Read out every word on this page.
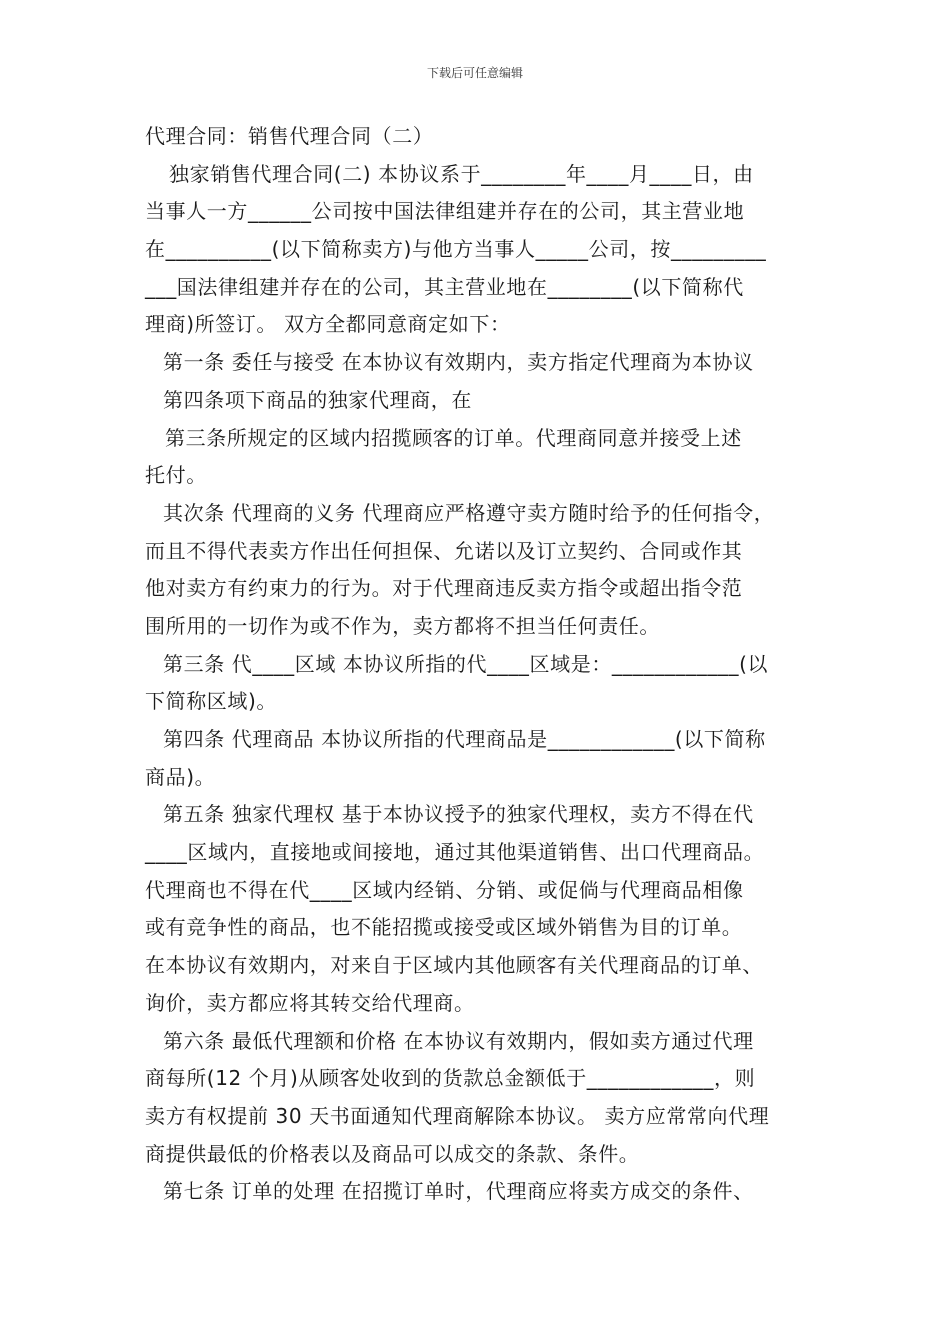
下载后可任意编辑
代理合同：销售代理合同（二）
独家销售代理合同(二) 本协议系于________年____月____日，由
当事人一方______公司按中国法律组建并存在的公司，其主营业地
在__________(以下简称卖方)与他方当事人_____公司，按_________
___国法律组建并存在的公司，其主营业地在________(以下简称代
理商)所签订。 双方全都同意商定如下：
第一条 委任与接受 在本协议有效期内，卖方指定代理商为本协议
第四条项下商品的独家代理商，在
第三条所规定的区域内招揽顾客的订单。代理商同意并接受上述
托付。
其次条 代理商的义务 代理商应严格遵守卖方随时给予的任何指令，
而且不得代表卖方作出任何担保、允诺以及订立契约、合同或作其
他对卖方有约束力的行为。对于代理商违反卖方指令或超出指令范
围所用的一切作为或不作为，卖方都将不担当任何责任。
第三条 代____区域 本协议所指的代____区域是：____________(以
下简称区域)。
第四条 代理商品 本协议所指的代理商品是____________(以下简称
商品)。
第五条 独家代理权 基于本协议授予的独家代理权，卖方不得在代
____区域内，直接地或间接地，通过其他渠道销售、出口代理商品。
代理商也不得在代____区域内经销、分销、或促倘与代理商品相像
或有竞争性的商品，也不能招揽或接受或区域外销售为目的订单。
在本协议有效期内，对来自于区域内其他顾客有关代理商品的订单、
询价，卖方都应将其转交给代理商。
第六条 最低代理额和价格 在本协议有效期内，假如卖方通过代理
商每所(12 个月)从顾客处收到的货款总金额低于____________，则
卖方有权提前 30 天书面通知代理商解除本协议。 卖方应常常向代理
商提供最低的价格表以及商品可以成交的条款、条件。
第七条 订单的处理 在招揽订单时，代理商应将卖方成交的条件、
